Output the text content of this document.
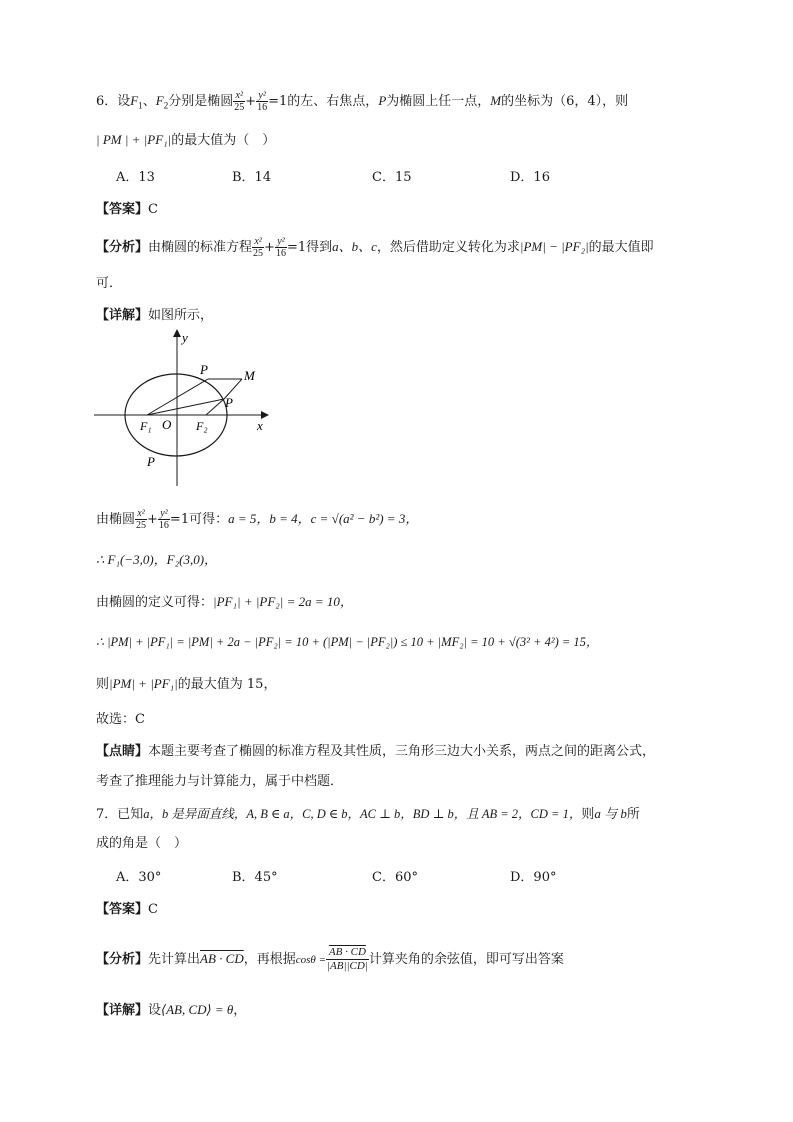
6．设$F_1$、$F_2$分别是椭圆 $\frac{\text{x²}}{25} + \frac{\text{y²}}{16} =1$的左、右焦点，P为椭圆上任一点，M的坐标为（6，4），则
| PM | + |PF₁|的最大值为（　）
A．13	B．14	C．15	D．16
【答案】C
【分析】由椭圆的标准方程 $\frac{\text{x²}}{25} + \frac{\text{y²}}{16} =1$得到a、b、c，然后借助定义转化为求|PM| − |PF₂|的最大值即
可．
【详解】如图所示，
y
x
O
F₁	F₂
P
P
P
M
由椭圆 $\frac{\text{x²}}{25} + \frac{\text{y²}}{16} =1$可得：a = 5，b = 4，c = √(a² − b²) = 3，
∴ F₁(−3,0)，F₂(3,0)，
由椭圆的定义可得：|PF₁| + |PF₂| = 2a = 10，
∴ |PM| + |PF₁| = |PM| + 2a − |PF₂| = 10 + (|PM| − |PF₂|) ≤ 10 + |MF₂| = 10 + √(3² + 4²) = 15，
则|PM| + |PF₁|的最大值为 15，
故选：C
【点睛】本题主要考查了椭圆的标准方程及其性质，三角形三边大小关系，两点之间的距离公式，
考查了推理能力与计算能力，属于中档题．
7．已知a，b 是异面直线，A, B ∈ a，C, D ∈ b，AC ⊥ b，BD ⊥ b，且 AB = 2，CD = 1，则a 与 b所
成的角是（　）
A．30°	B．45°	C．60°	D．90°
【答案】C
【分析】先计算出AB · CD，再根据$\cos\theta = \frac{AB \cdot CD}{|AB||CD|}$ 计算夹角的余弦值，即可写出答案
【详解】设⟨AB, CD⟩ = θ，
